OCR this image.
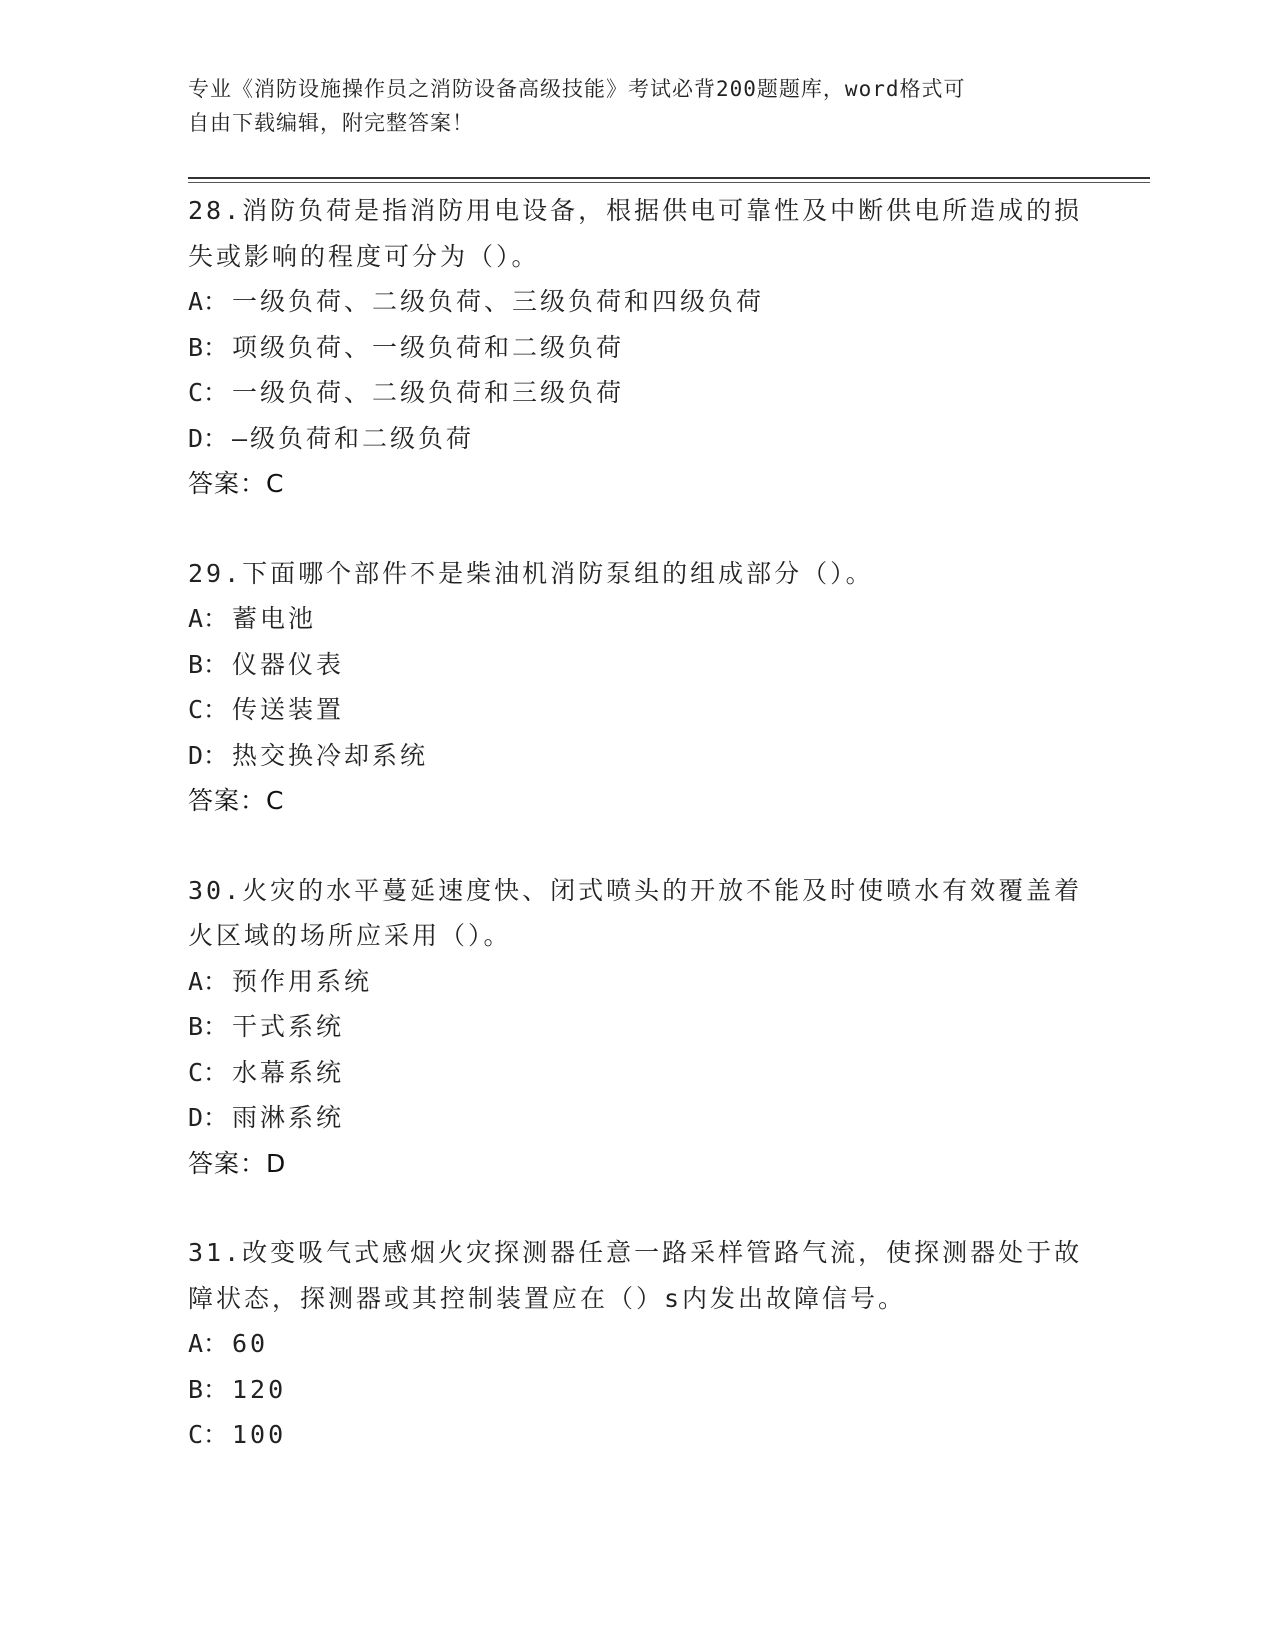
专业《消防设施操作员之消防设备高级技能》考试必背200题题库，word格式可
自由下载编辑，附完整答案！

28.消防负荷是指消防用电设备，根据供电可靠性及中断供电所造成的损失或影响的程度可分为（）。

A： 一级负荷、二级负荷、三级负荷和四级负荷

B： 项级负荷、一级负荷和二级负荷

C： 一级负荷、二级负荷和三级负荷

D： —级负荷和二级负荷

答案：C

29.下面哪个部件不是柴油机消防泵组的组成部分（）。

A： 蓄电池

B： 仪器仪表

C： 传送装置

D： 热交换冷却系统

答案：C

30.火灾的水平蔓延速度快、闭式喷头的开放不能及时使喷水有效覆盖着火区域的场所应采用（）。

A： 预作用系统

B： 干式系统

C： 水幕系统

D： 雨淋系统

答案：D

31.改变吸气式感烟火灾探测器任意一路采样管路气流，使探测器处于故障状态，探测器或其控制装置应在（）s内发出故障信号。

A： 60

B： 120

C： 100
